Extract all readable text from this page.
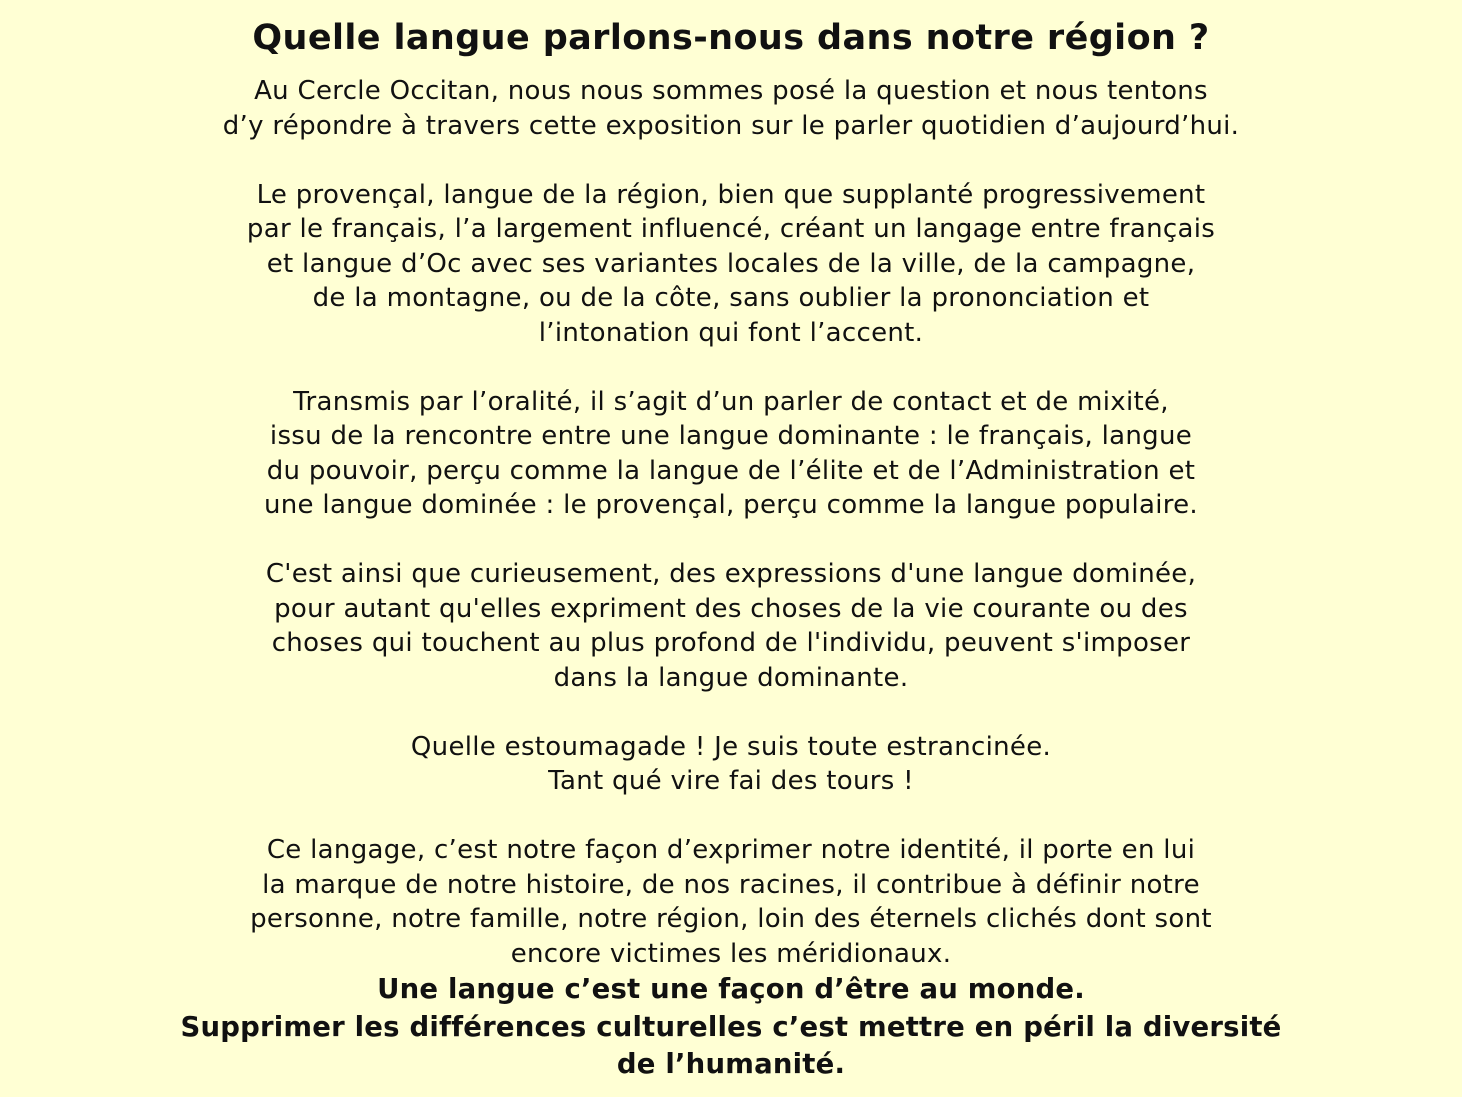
Quelle langue parlons-nous dans notre région ?
Au Cercle Occitan, nous nous sommes posé la question et nous tentons
d’y répondre à travers cette exposition sur le parler quotidien d’aujourd’hui.
Le provençal, langue de la région, bien que supplanté progressivement
par le français, l’a largement influencé, créant un langage entre français
et langue d’Oc avec ses variantes locales de la ville, de la campagne,
de la montagne, ou de la côte, sans oublier la prononciation et
l’intonation qui font l’accent.
Transmis par l’oralité, il s’agit d’un parler de contact et de mixité,
issu de la rencontre entre une langue dominante : le français, langue
du pouvoir, perçu comme la langue de l’élite et de l’Administration et
une langue dominée : le provençal, perçu comme la langue populaire.
C'est ainsi que curieusement, des expressions d'une langue dominée,
pour autant qu'elles expriment des choses de la vie courante ou des
choses qui touchent au plus profond de l'individu, peuvent s'imposer
dans la langue dominante.
Quelle estoumagade ! Je suis toute estrancinée.
Tant qué vire fai des tours !
Ce langage, c’est notre façon d’exprimer notre identité, il porte en lui
la marque de notre histoire, de nos racines, il contribue à définir notre
personne, notre famille, notre région, loin des éternels clichés dont sont
encore victimes les méridionaux.
Une langue c’est une façon d’être au monde.
Supprimer les différences culturelles c’est mettre en péril la diversité
de l’humanité.
